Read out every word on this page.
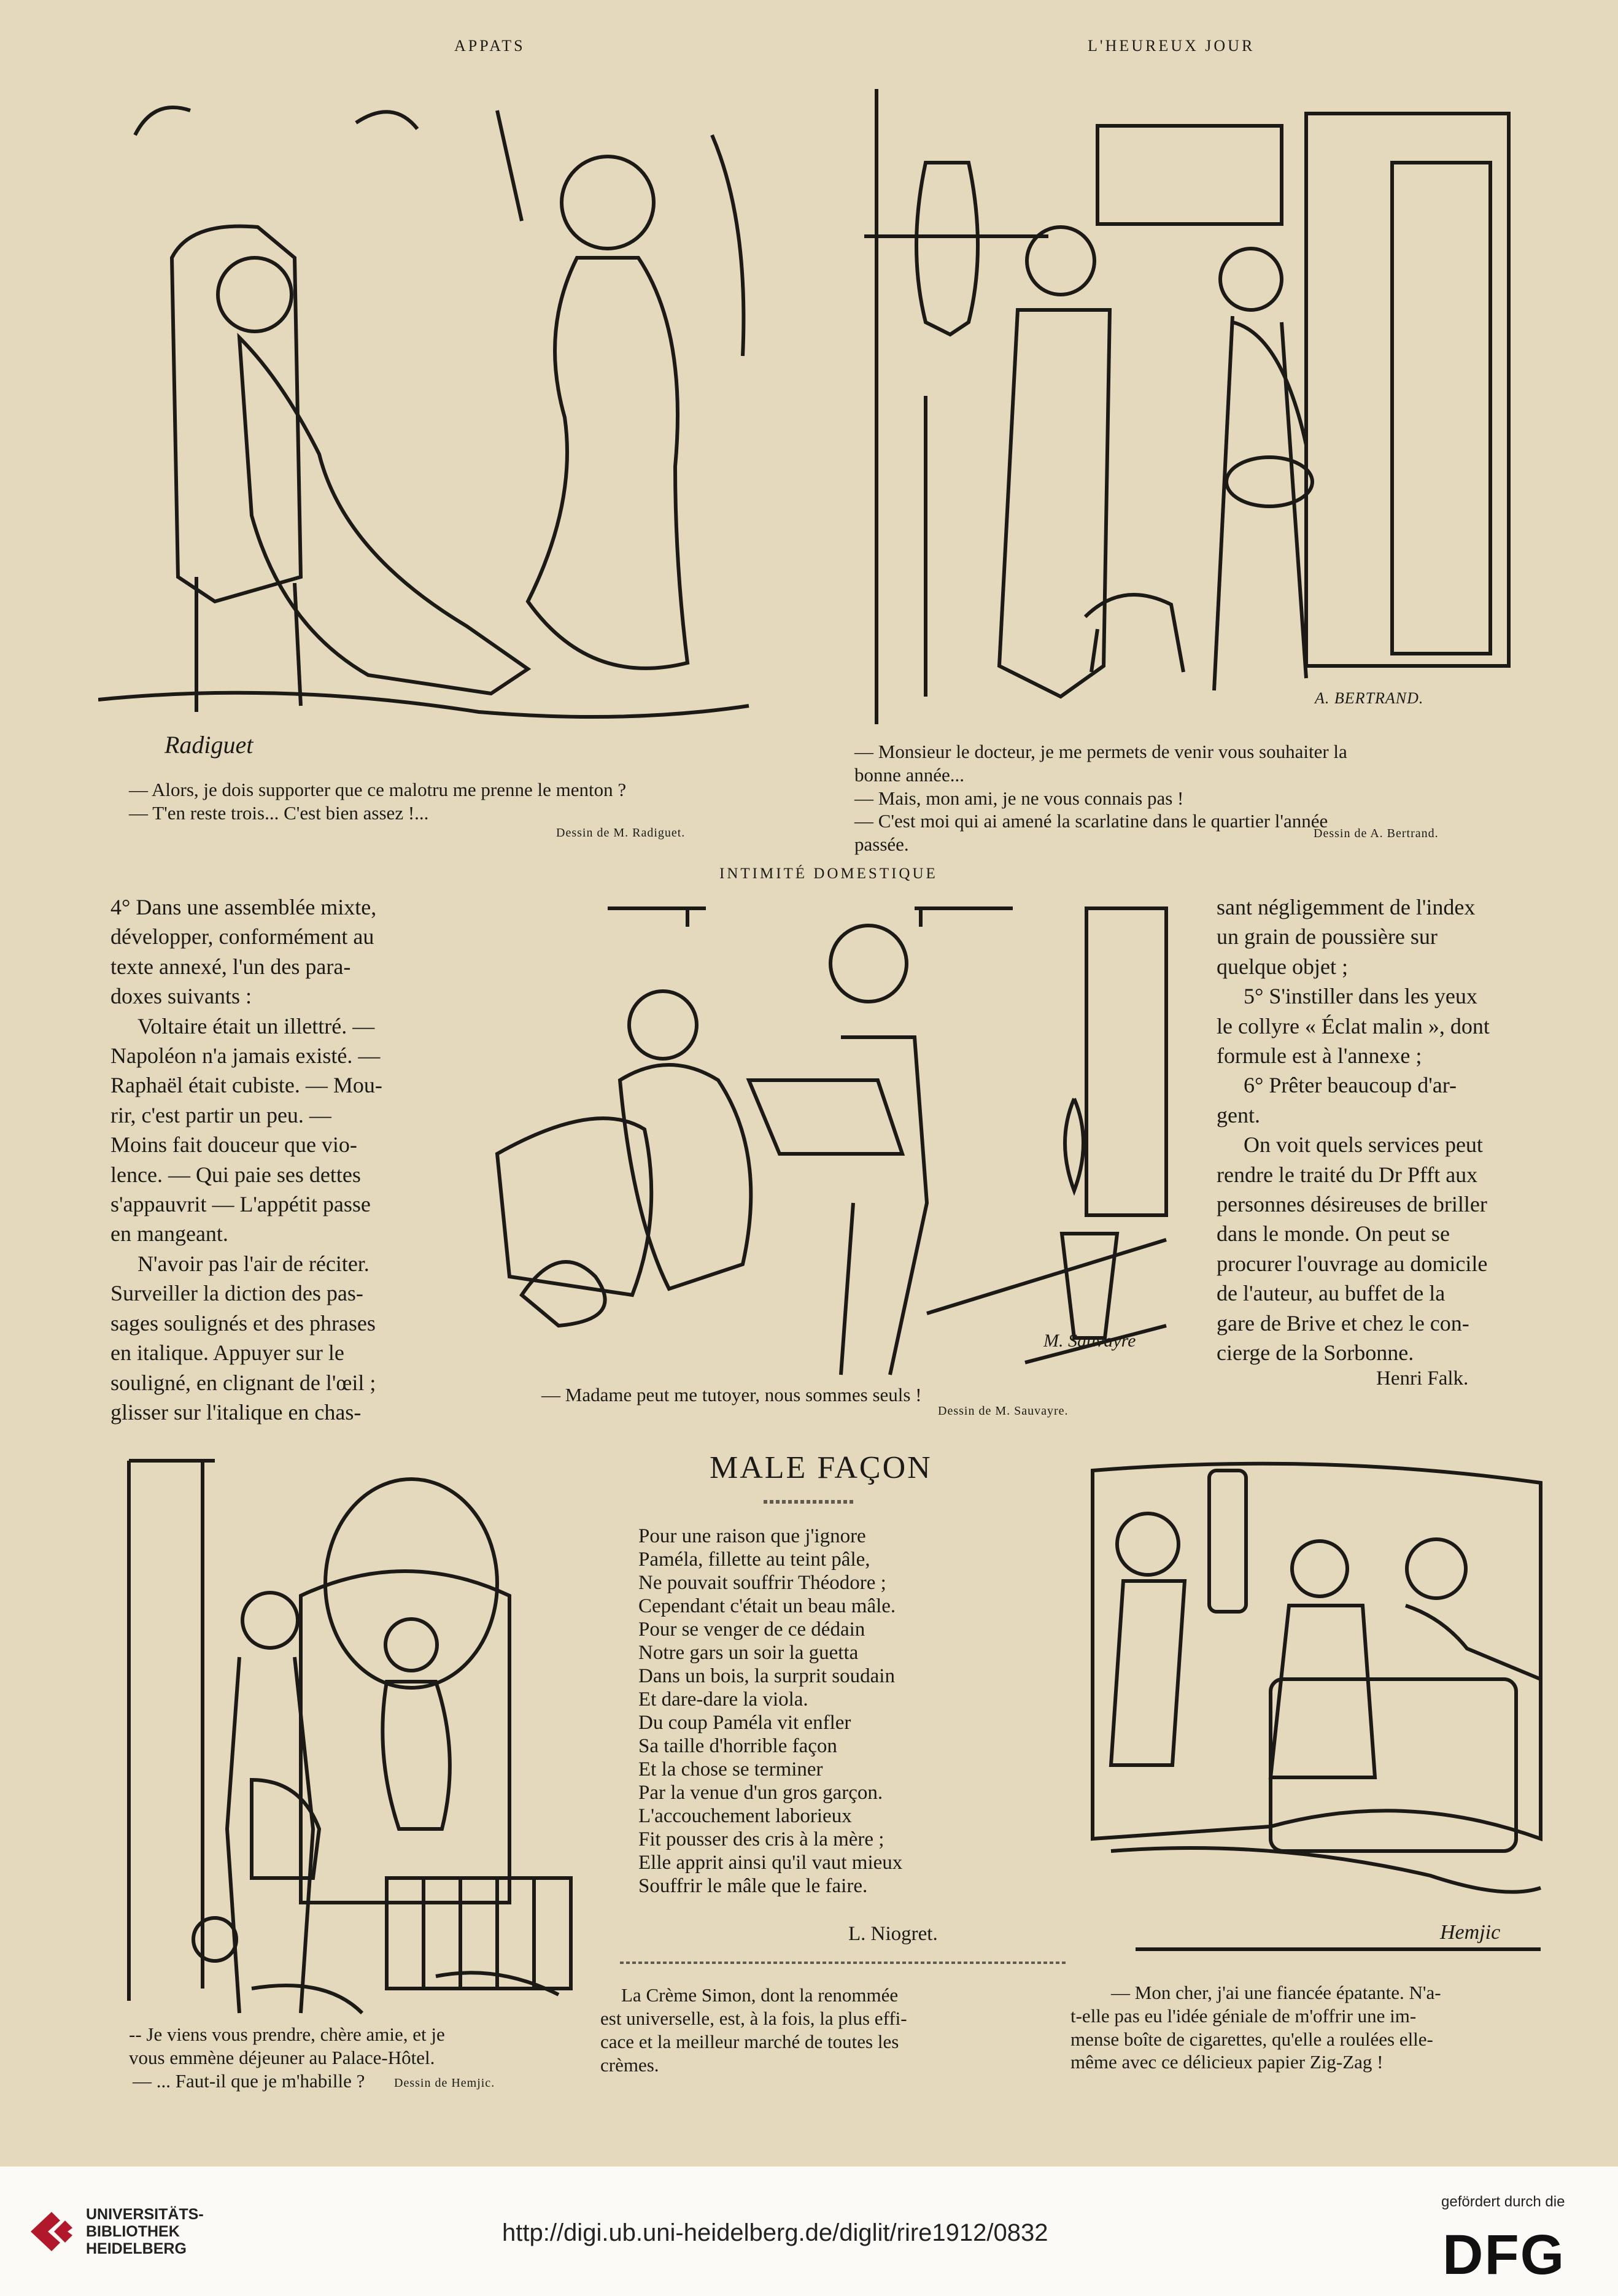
APPATS	L'HEUREUX JOUR
Radiguet
— Alors, je dois supporter que ce malotru me prenne le menton ?
— T'en reste trois... C'est bien assez !...
Dessin de M. Radiguet.
A. BERTRAND.
— Monsieur le docteur, je me permets de venir vous souhaiter la
bonne année...
— Mais, mon ami, je ne vous connais pas !
— C'est moi qui ai amené la scarlatine dans le quartier l'année
passée.
Dessin de A. Bertrand.
INTIMITÉ DOMESTIQUE
4° Dans une assemblée mixte,
développer, conformément au
texte annexé, l'un des para-
doxes suivants :
Voltaire était un illettré. —
Napoléon n'a jamais existé. —
Raphaël était cubiste. — Mou-
rir, c'est partir un peu. —
Moins fait douceur que vio-
lence. — Qui paie ses dettes
s'appauvrit — L'appétit passe
en mangeant.
N'avoir pas l'air de réciter.
Surveiller la diction des pas-
sages soulignés et des phrases
en italique. Appuyer sur le
souligné, en clignant de l'œil ;
glisser sur l'italique en chas-
M. Sauvayre
— Madame peut me tutoyer, nous sommes seuls !
Dessin de M. Sauvayre.
sant négligemment de l'index
un grain de poussière sur
quelque objet ;
5° S'instiller dans les yeux
le collyre « Éclat malin », dont
formule est à l'annexe ;
6° Prêter beaucoup d'ar-
gent.
On voit quels services peut
rendre le traité du Dr Pfft aux
personnes désireuses de briller
dans le monde. On peut se
procurer l'ouvrage au domicile
de l'auteur, au buffet de la
gare de Brive et chez le con-
cierge de la Sorbonne.
Henri Falk.
-- Je viens vous prendre, chère amie, et je
vous emmène déjeuner au Palace-Hôtel.
— ... Faut-il que je m'habille ?	Dessin de Hemjic.
MALE FAÇON
Pour une raison que j'ignore
Paméla, fillette au teint pâle,
Ne pouvait souffrir Théodore ;
Cependant c'était un beau mâle.
Pour se venger de ce dédain
Notre gars un soir la guetta
Dans un bois, la surprit soudain
Et dare-dare la viola.
Du coup Paméla vit enfler
Sa taille d'horrible façon
Et la chose se terminer
Par la venue d'un gros garçon.
L'accouchement laborieux
Fit pousser des cris à la mère ;
Elle apprit ainsi qu'il vaut mieux
Souffrir le mâle que le faire.
L. Niogret.
La Crème Simon, dont la renommée
est universelle, est, à la fois, la plus effi-
cace et la meilleur marché de toutes les
crèmes.
Hemjic
— Mon cher, j'ai une fiancée épatante. N'a-
t-elle pas eu l'idée géniale de m'offrir une im-
mense boîte de cigarettes, qu'elle a roulées elle-
même avec ce délicieux papier Zig-Zag !
UNIVERSITÄTS-
BIBLIOTHEK
HEIDELBERG
http://digi.ub.uni-heidelberg.de/diglit/rire1912/0832
gefördert durch die
DFG
